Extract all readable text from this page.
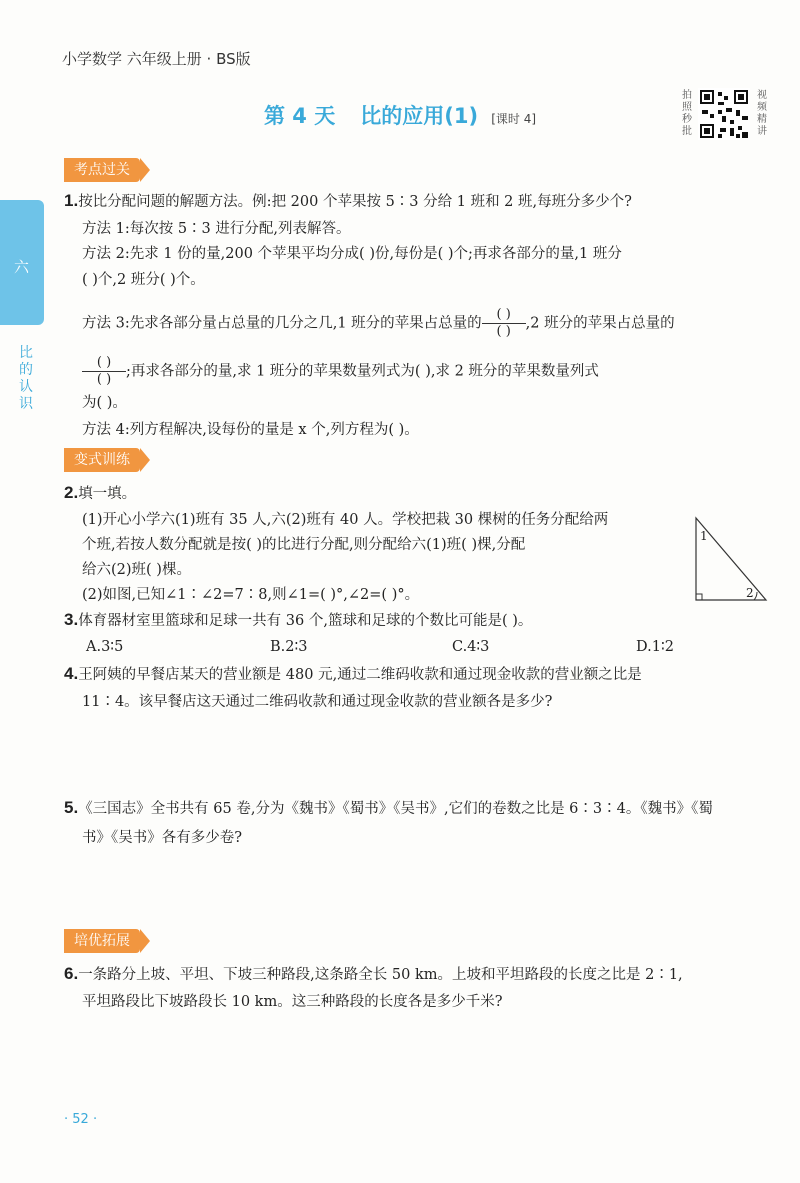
小学数学 六年级上册 · BS版
第 4 天 比的应用(1) [课时 4]
拍照秒批
视频精讲
六
比的认识
考点过关
1.按比分配问题的解题方法。例:把 200 个苹果按 5∶3 分给 1 班和 2 班,每班分多少个?
方法 1:每次按 5∶3 进行分配,列表解答。
方法 2:先求 1 份的量,200 个苹果平均分成( )份,每份是( )个;再求各部分的量,1 班分
( )个,2 班分( )个。
方法 3:先求各部分量占总量的几分之几,1 班分的苹果占总量的$\frac{( )}{( )},2$ 班分的苹果占总量的
$\frac{( )}{( )}$;再求各部分的量,求 1 班分的苹果数量列式为( ),求 2 班分的苹果数量列式
为( )。
方法 4:列方程解决,设每份的量是 x 个,列方程为( )。
变式训练
2.填一填。
(1)开心小学六(1)班有 35 人,六(2)班有 40 人。学校把栽 30 棵树的任务分配给两
个班,若按人数分配就是按( )的比进行分配,则分配给六(1)班( )棵,分配
给六(2)班( )棵。
(2)如图,已知∠1∶∠2=7∶8,则∠1=( )°,∠2=( )°。
1
2
3.体育器材室里篮球和足球一共有 36 个,篮球和足球的个数比可能是( )。
A.3∶5	B.2∶3	C.4∶3	D.1∶2
4.王阿姨的早餐店某天的营业额是 480 元,通过二维码收款和通过现金收款的营业额之比是
11∶4。该早餐店这天通过二维码收款和通过现金收款的营业额各是多少?
5.《三国志》全书共有 65 卷,分为《魏书》《蜀书》《吴书》,它们的卷数之比是 6∶3∶4。《魏书》《蜀
书》《吴书》各有多少卷?
培优拓展
6.一条路分上坡、平坦、下坡三种路段,这条路全长 50 km。上坡和平坦路段的长度之比是 2∶1,
平坦路段比下坡路段长 10 km。这三种路段的长度各是多少千米?
· 52 ·
